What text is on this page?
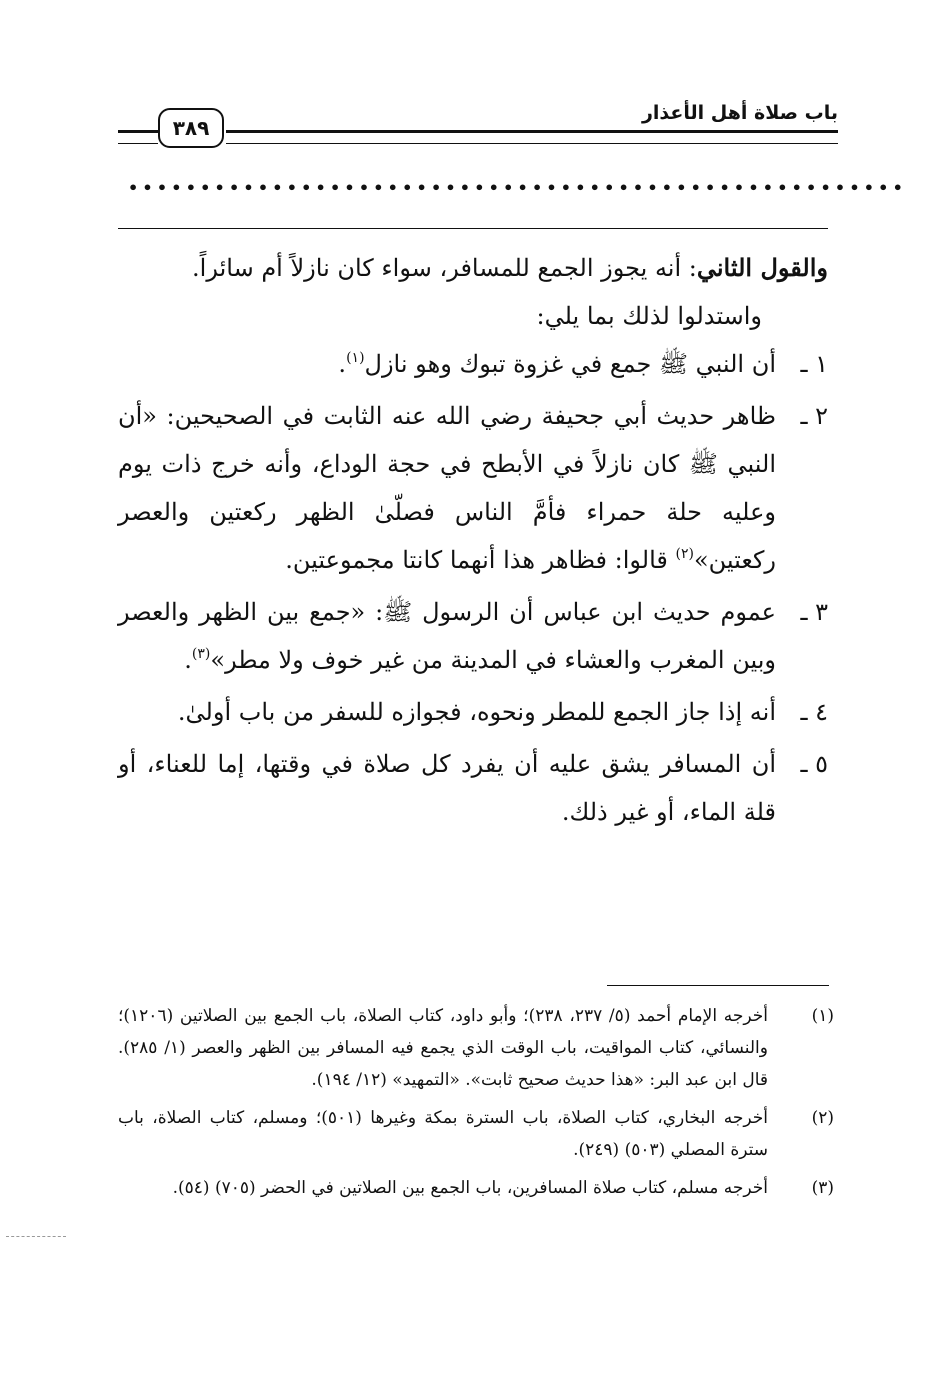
باب صلاة أهل الأعذار
٣٨٩
••••••••••••••••••••••••••••••••••••••••••••••••••••••

والقول الثاني: أنه يجوز الجمع للمسافر، سواء كان نازلاً أم سائراً.

واستدلوا لذلك بما يلي:

١ ـ
أن النبي ﷺ جمع في غزوة تبوك وهو نازل$^{(١)}$.
٢ ـ
ظاهر حديث أبي جحيفة رضي الله عنه الثابت في الصحيحين: «أن النبي ﷺ كان نازلاً في الأبطح في حجة الوداع، وأنه خرج ذات يوم وعليه حلة حمراء فأمَّ الناس فصلّىٰ الظهر ركعتين والعصر ركعتين»$^{(٢)}$ قالوا: فظاهر هذا أنهما كانتا مجموعتين.
٣ ـ
عموم حديث ابن عباس أن الرسول ﷺ: «جمع بين الظهر والعصر وبين المغرب والعشاء في المدينة من غير خوف ولا مطر»$^{(٣)}$.
٤ ـ
أنه إذا جاز الجمع للمطر ونحوه، فجوازه للسفر من باب أولىٰ.
٥ ـ
أن المسافر يشق عليه أن يفرد كل صلاة في وقتها، إما للعناء، أو قلة الماء، أو غير ذلك.

(١)
أخرجه الإمام أحمد (٥/ ٢٣٧، ٢٣٨)؛ وأبو داود، كتاب الصلاة، باب الجمع بين الصلاتين (١٢٠٦)؛ والنسائي، كتاب المواقيت، باب الوقت الذي يجمع فيه المسافر بين الظهر والعصر (١/ ٢٨٥). قال ابن عبد البر: «هذا حديث صحيح ثابت». «التمهيد» (١٢/ ١٩٤).

(٢)
أخرجه البخاري، كتاب الصلاة، باب السترة بمكة وغيرها (٥٠١)؛ ومسلم، كتاب الصلاة، باب سترة المصلي (٥٠٣) (٢٤٩).

(٣)
أخرجه مسلم، كتاب صلاة المسافرين، باب الجمع بين الصلاتين في الحضر (٧٠٥) (٥٤).
